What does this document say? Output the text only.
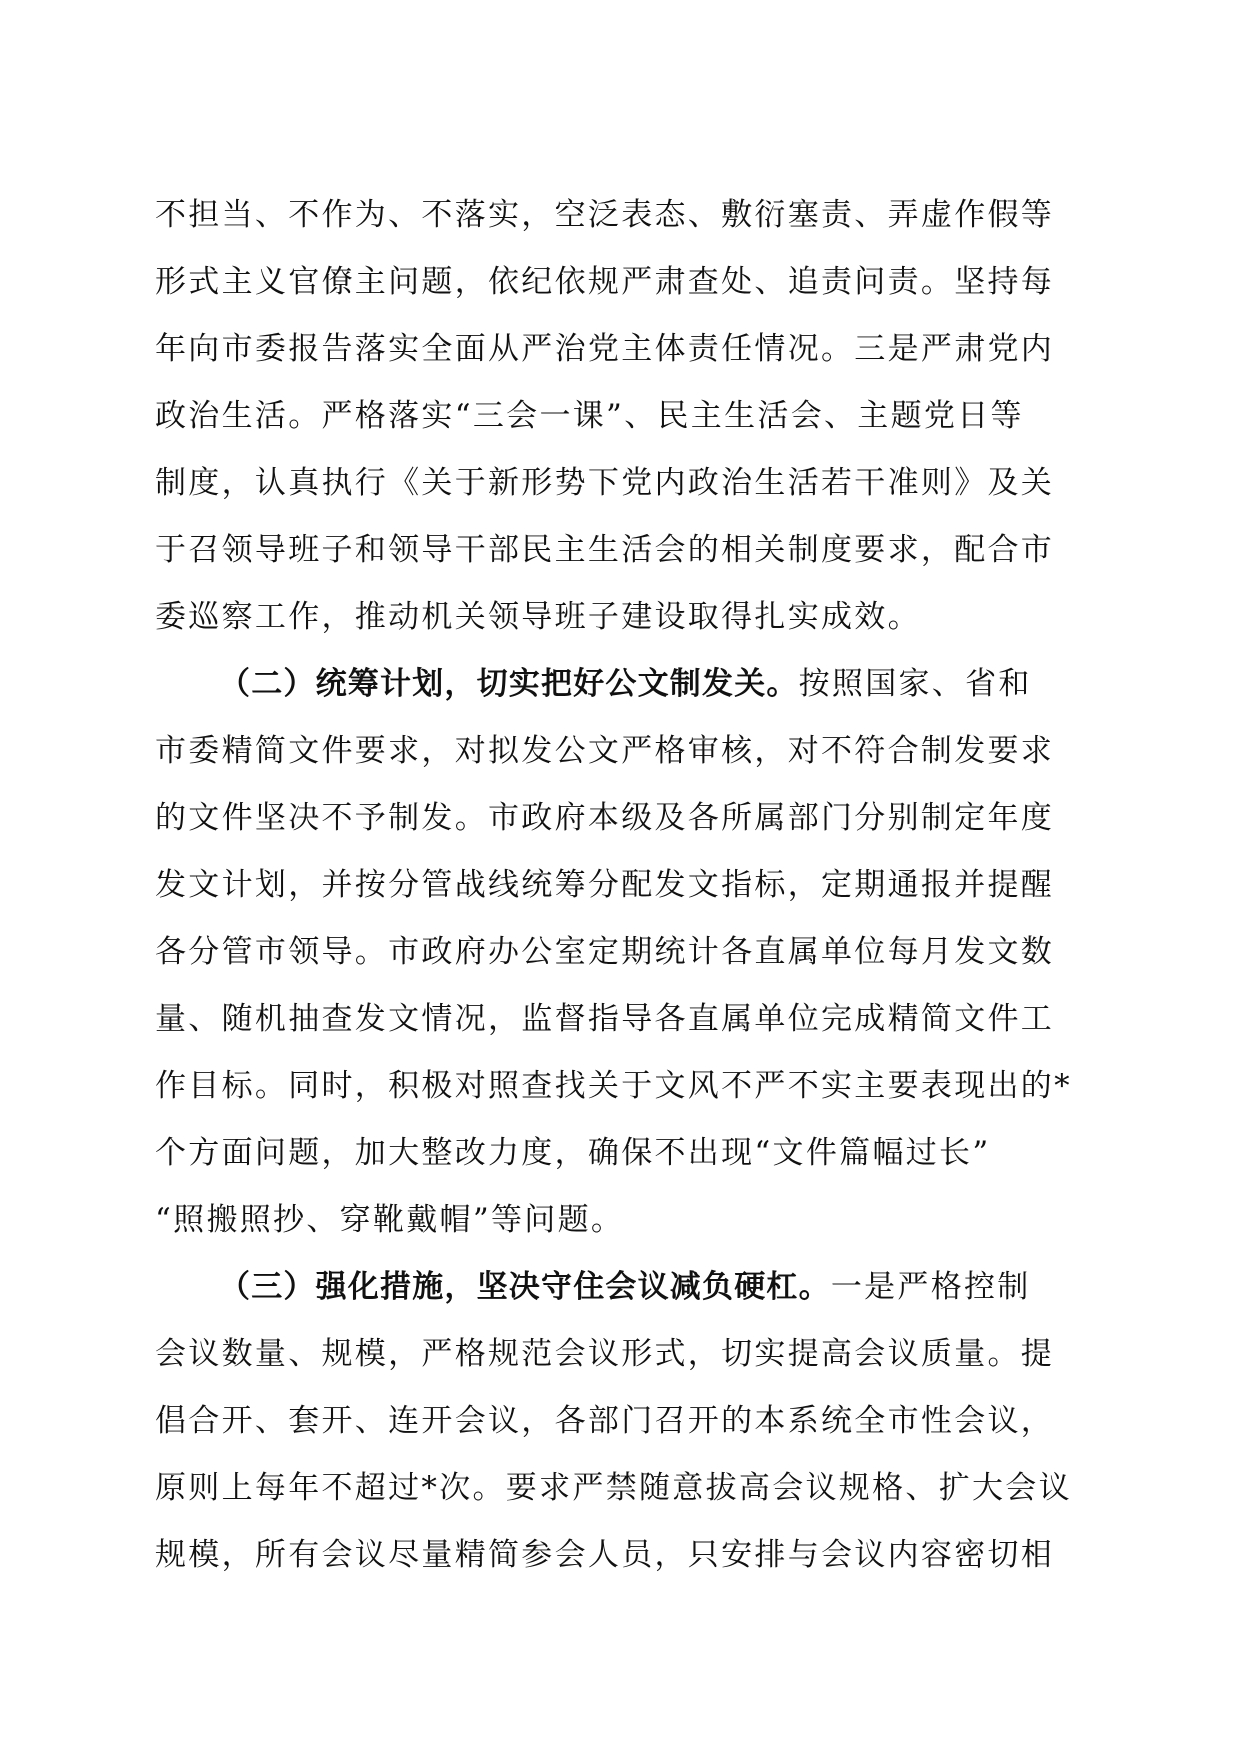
不担当、不作为、不落实，空泛表态、敷衍塞责、弄虚作假等
形式主义官僚主问题，依纪依规严肃查处、追责问责。坚持每
年向市委报告落实全面从严治党主体责任情况。三是严肃党内
政治生活。严格落实“三会一课”、民主生活会、主题党日等
制度，认真执行《关于新形势下党内政治生活若干准则》及关
于召领导班子和领导干部民主生活会的相关制度要求，配合市
委巡察工作，推动机关领导班子建设取得扎实成效。
（二）统筹计划，切实把好公文制发关。按照国家、省和
市委精简文件要求，对拟发公文严格审核，对不符合制发要求
的文件坚决不予制发。市政府本级及各所属部门分别制定年度
发文计划，并按分管战线统筹分配发文指标，定期通报并提醒
各分管市领导。市政府办公室定期统计各直属单位每月发文数
量、随机抽查发文情况，监督指导各直属单位完成精简文件工
作目标。同时，积极对照查找关于文风不严不实主要表现出的*
个方面问题，加大整改力度，确保不出现“文件篇幅过长”
“照搬照抄、穿靴戴帽”等问题。
（三）强化措施，坚决守住会议减负硬杠。一是严格控制
会议数量、规模，严格规范会议形式，切实提高会议质量。提
倡合开、套开、连开会议，各部门召开的本系统全市性会议，
原则上每年不超过*次。要求严禁随意拔高会议规格、扩大会议
规模，所有会议尽量精简参会人员，只安排与会议内容密切相
